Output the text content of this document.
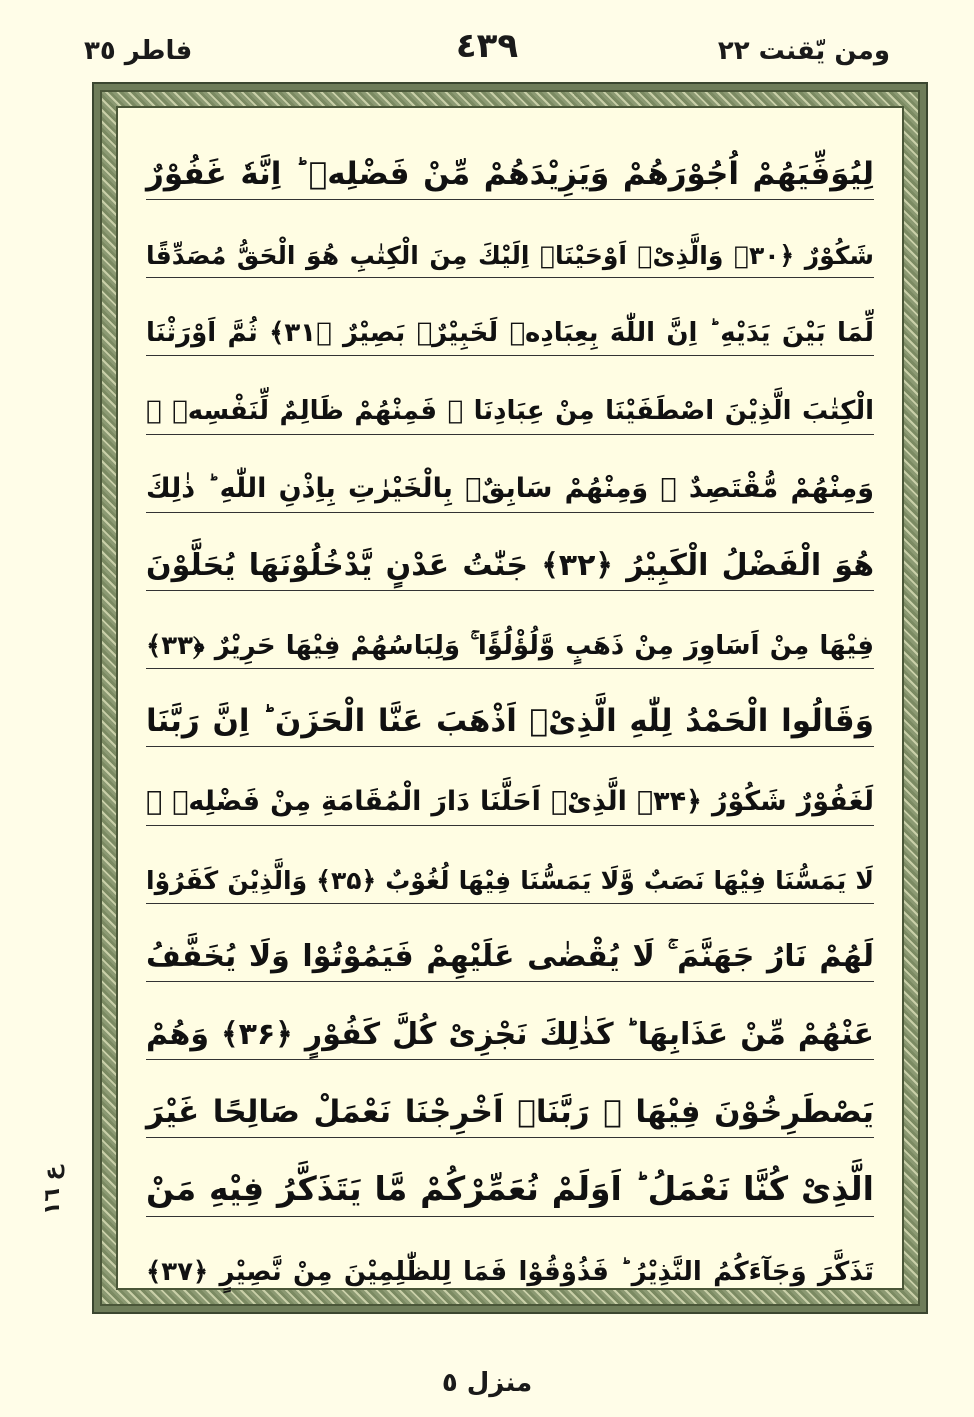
فاطر ٣٥	٤٣٩	ومن يّقنت ٢٢
لِيُوَفِّيَهُمْ اُجُوْرَهُمْ وَيَزِيْدَهُمْ مِّنْ فَضْلِهٖ ؕ اِنَّهٗ غَفُوْرٌ
شَكُوْرٌ ﴿۳۰﴾ وَالَّذِیْۤ اَوْحَیْنَاۤ اِلَیْكَ مِنَ الْكِتٰبِ هُوَ الْحَقُّ مُصَدِّقًا
لِّمَا بَیْنَ یَدَیْهِ ؕ اِنَّ اللّٰهَ بِعِبَادِهٖ لَخَبِیْرٌۢ بَصِیْرٌ ﴿۳۱﴾ ثُمَّ اَوْرَثْنَا
الْكِتٰبَ الَّذِیْنَ اصْطَفَیْنَا مِنْ عِبَادِنَا ۚ فَمِنْهُمْ ظَالِمٌ لِّنَفْسِهٖ ۚ
وَمِنْهُمْ مُّقْتَصِدٌ ۚ وَمِنْهُمْ سَابِقٌۢ بِالْخَیْرٰتِ بِاِذْنِ اللّٰهِ ؕ ذٰلِكَ
هُوَ الْفَضْلُ الْكَبِیْرُ ﴿۳۲﴾ جَنّٰتُ عَدْنٍ یَّدْخُلُوْنَهَا یُحَلَّوْنَ
فِیْهَا مِنْ اَسَاوِرَ مِنْ ذَهَبٍ وَّلُؤْلُؤًا ۚ وَلِبَاسُهُمْ فِیْهَا حَرِیْرٌ ﴿۳۳﴾
وَقَالُوا الْحَمْدُ لِلّٰهِ الَّذِیْۤ اَذْهَبَ عَنَّا الْحَزَنَ ؕ اِنَّ رَبَّنَا
لَغَفُوْرٌ شَكُوْرُ ﴿۳۴﴾ الَّذِیْۤ اَحَلَّنَا دَارَ الْمُقَامَةِ مِنْ فَضْلِهٖ ۚ
لَا یَمَسُّنَا فِیْهَا نَصَبٌ وَّلَا یَمَسُّنَا فِیْهَا لُغُوْبٌ ﴿۳۵﴾ وَالَّذِیْنَ كَفَرُوْا
لَهُمْ نَارُ جَهَنَّمَ ۚ لَا یُقْضٰى عَلَیْهِمْ فَیَمُوْتُوْا وَلَا یُخَفَّفُ
عَنْهُمْ مِّنْ عَذَابِهَا ؕ كَذٰلِكَ نَجْزِیْ كُلَّ كَفُوْرٍ ﴿۳۶﴾ وَهُمْ
یَصْطَرِخُوْنَ فِیْهَا ۚ رَبَّنَاۤ اَخْرِجْنَا نَعْمَلْ صَالِحًا غَیْرَ
الَّذِیْ كُنَّا نَعْمَلُ ؕ اَوَلَمْ نُعَمِّرْكُمْ مَّا یَتَذَكَّرُ فِیْهِ مَنْ
تَذَكَّرَ وَجَآءَكُمُ النَّذِیْرُ ؕ فَذُوْقُوْا فَمَا لِلظّٰلِمِیْنَ مِنْ نَّصِیْرٍ ﴿۳۷﴾
ع ١٦
منزل ٥
